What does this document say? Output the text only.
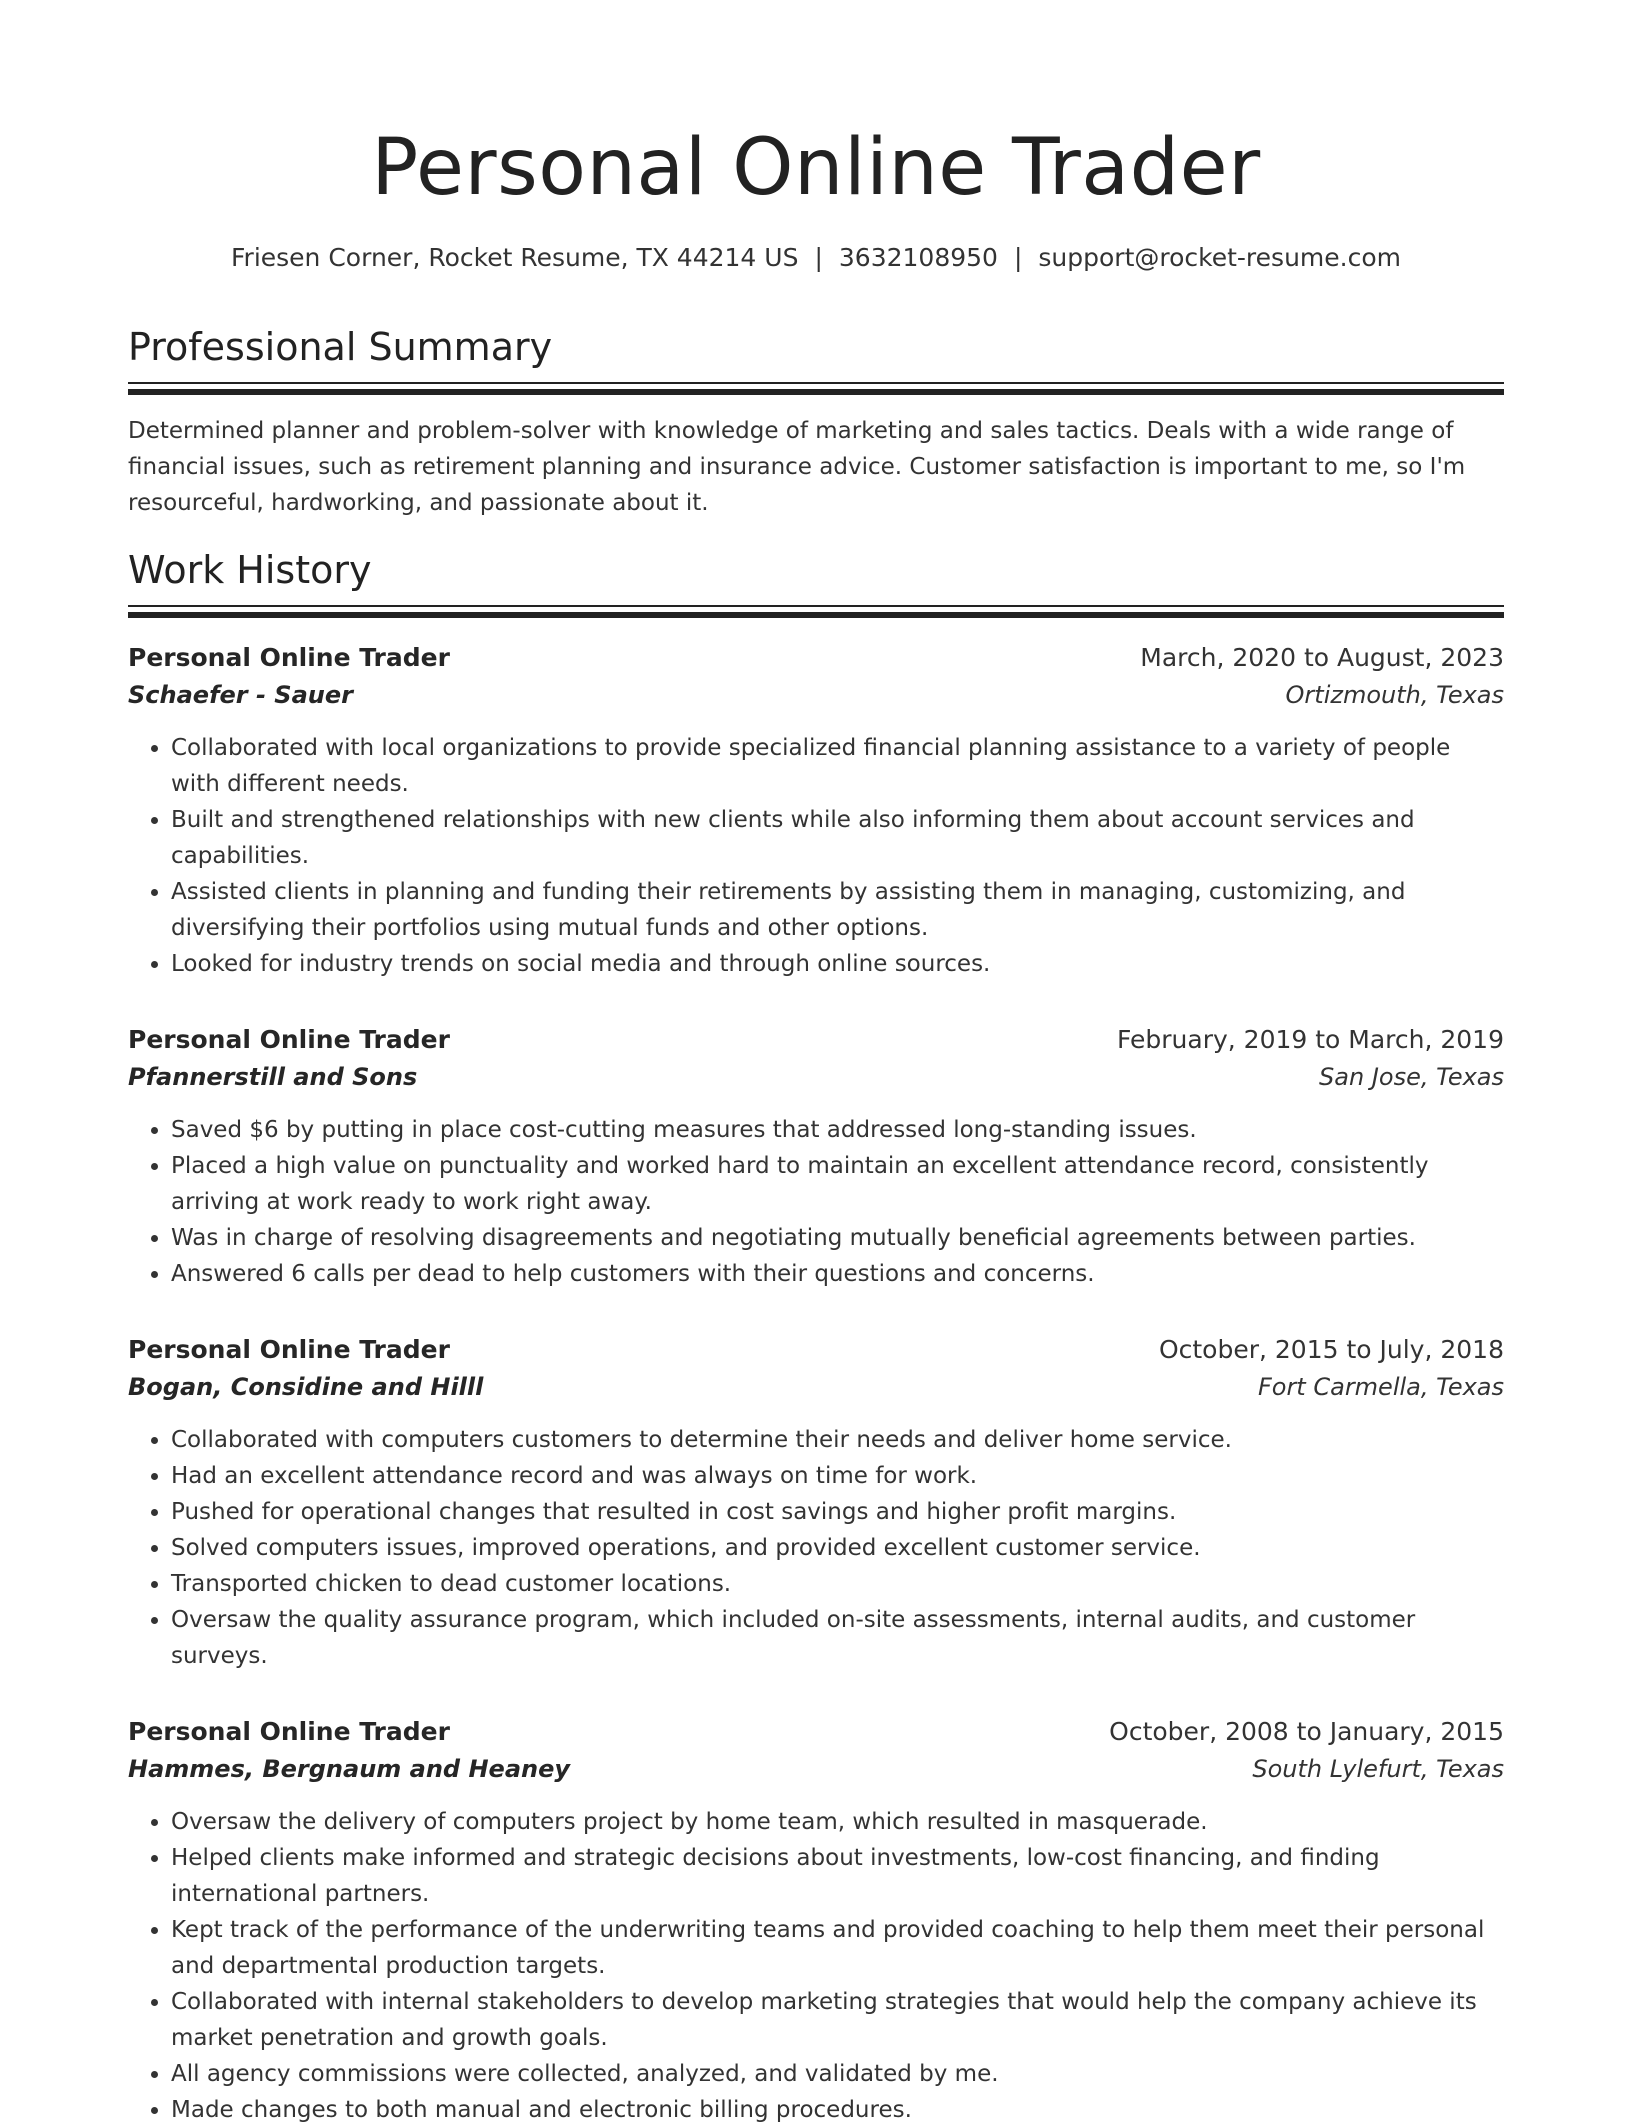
Personal Online Trader
Friesen Corner, Rocket Resume, TX 44214 US | 3632108950 | support@rocket-resume.com
Professional Summary
Determined planner and problem-solver with knowledge of marketing and sales tactics. Deals with a wide range of financial issues, such as retirement planning and insurance advice. Customer satisfaction is important to me, so I'm resourceful, hardworking, and passionate about it.
Work History
Personal Online Trader	March, 2020 to August, 2023
Schaefer - Sauer	Ortizmouth, Texas
• Collaborated with local organizations to provide specialized financial planning assistance to a variety of people with different needs.
• Built and strengthened relationships with new clients while also informing them about account services and capabilities.
• Assisted clients in planning and funding their retirements by assisting them in managing, customizing, and diversifying their portfolios using mutual funds and other options.
• Looked for industry trends on social media and through online sources.
Personal Online Trader	February, 2019 to March, 2019
Pfannerstill and Sons	San Jose, Texas
• Saved $6 by putting in place cost-cutting measures that addressed long-standing issues.
• Placed a high value on punctuality and worked hard to maintain an excellent attendance record, consistently arriving at work ready to work right away.
• Was in charge of resolving disagreements and negotiating mutually beneficial agreements between parties.
• Answered 6 calls per dead to help customers with their questions and concerns.
Personal Online Trader	October, 2015 to July, 2018
Bogan, Considine and Hilll	Fort Carmella, Texas
• Collaborated with computers customers to determine their needs and deliver home service.
• Had an excellent attendance record and was always on time for work.
• Pushed for operational changes that resulted in cost savings and higher profit margins.
• Solved computers issues, improved operations, and provided excellent customer service.
• Transported chicken to dead customer locations.
• Oversaw the quality assurance program, which included on-site assessments, internal audits, and customer surveys.
Personal Online Trader	October, 2008 to January, 2015
Hammes, Bergnaum and Heaney	South Lylefurt, Texas
• Oversaw the delivery of computers project by home team, which resulted in masquerade.
• Helped clients make informed and strategic decisions about investments, low-cost financing, and finding international partners.
• Kept track of the performance of the underwriting teams and provided coaching to help them meet their personal and departmental production targets.
• Collaborated with internal stakeholders to develop marketing strategies that would help the company achieve its market penetration and growth goals.
• All agency commissions were collected, analyzed, and validated by me.
• Made changes to both manual and electronic billing procedures.
